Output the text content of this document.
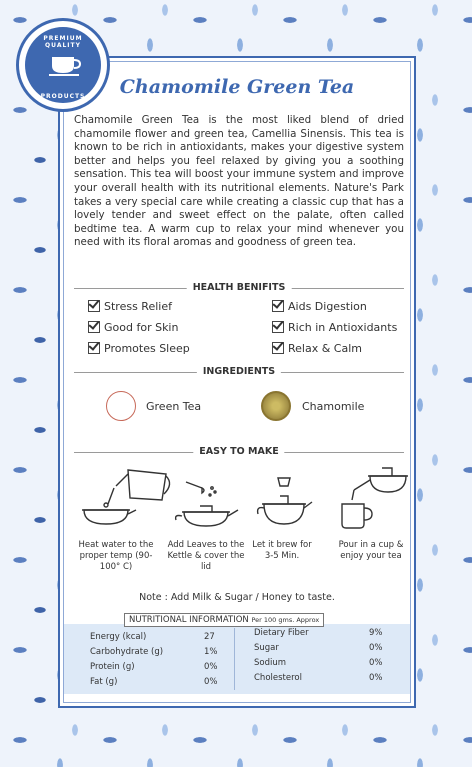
PREMIUM QUALITY
PRODUCTS	Chamomile Green Tea
Chamomile Green Tea is the most liked blend of dried chamomile flower and green tea, Camellia Sinensis. This tea is known to be rich in antioxidants, makes your digestive system better and helps you feel relaxed by giving you a soothing sensation. This tea will boost your immune system and improve your overall health with its nutritional elements. Nature's Park takes a very special care while creating a classic cup that has a lovely tender and sweet effect on the palate, often called bedtime tea. A warm cup to relax your mind whenever you need with its floral aromas and goodness of green tea.
HEALTH BENIFITS
Stress Relief	Aids Digestion
Good for Skin	Rich in Antioxidants
Promotes Sleep	Relax & Calm
INGREDIENTS
Green Tea	Chamomile
EASY TO MAKE
Heat water to the proper temp (90-100° C)
Add Leaves to the Kettle & cover the lid
Let it brew for 3-5 Min.
Pour in a cup & enjoy your tea
Note : Add Milk & Sugar / Honey to taste.
NUTRITIONAL INFORMATION Per 100 gms. Approx
Energy (kcal)	27
Carbohydrate (g)	1%
Protein (g)	0%
Fat (g)	0%
Dietary Fiber	9%
Sugar	0%
Sodium	0%
Cholesterol	0%
